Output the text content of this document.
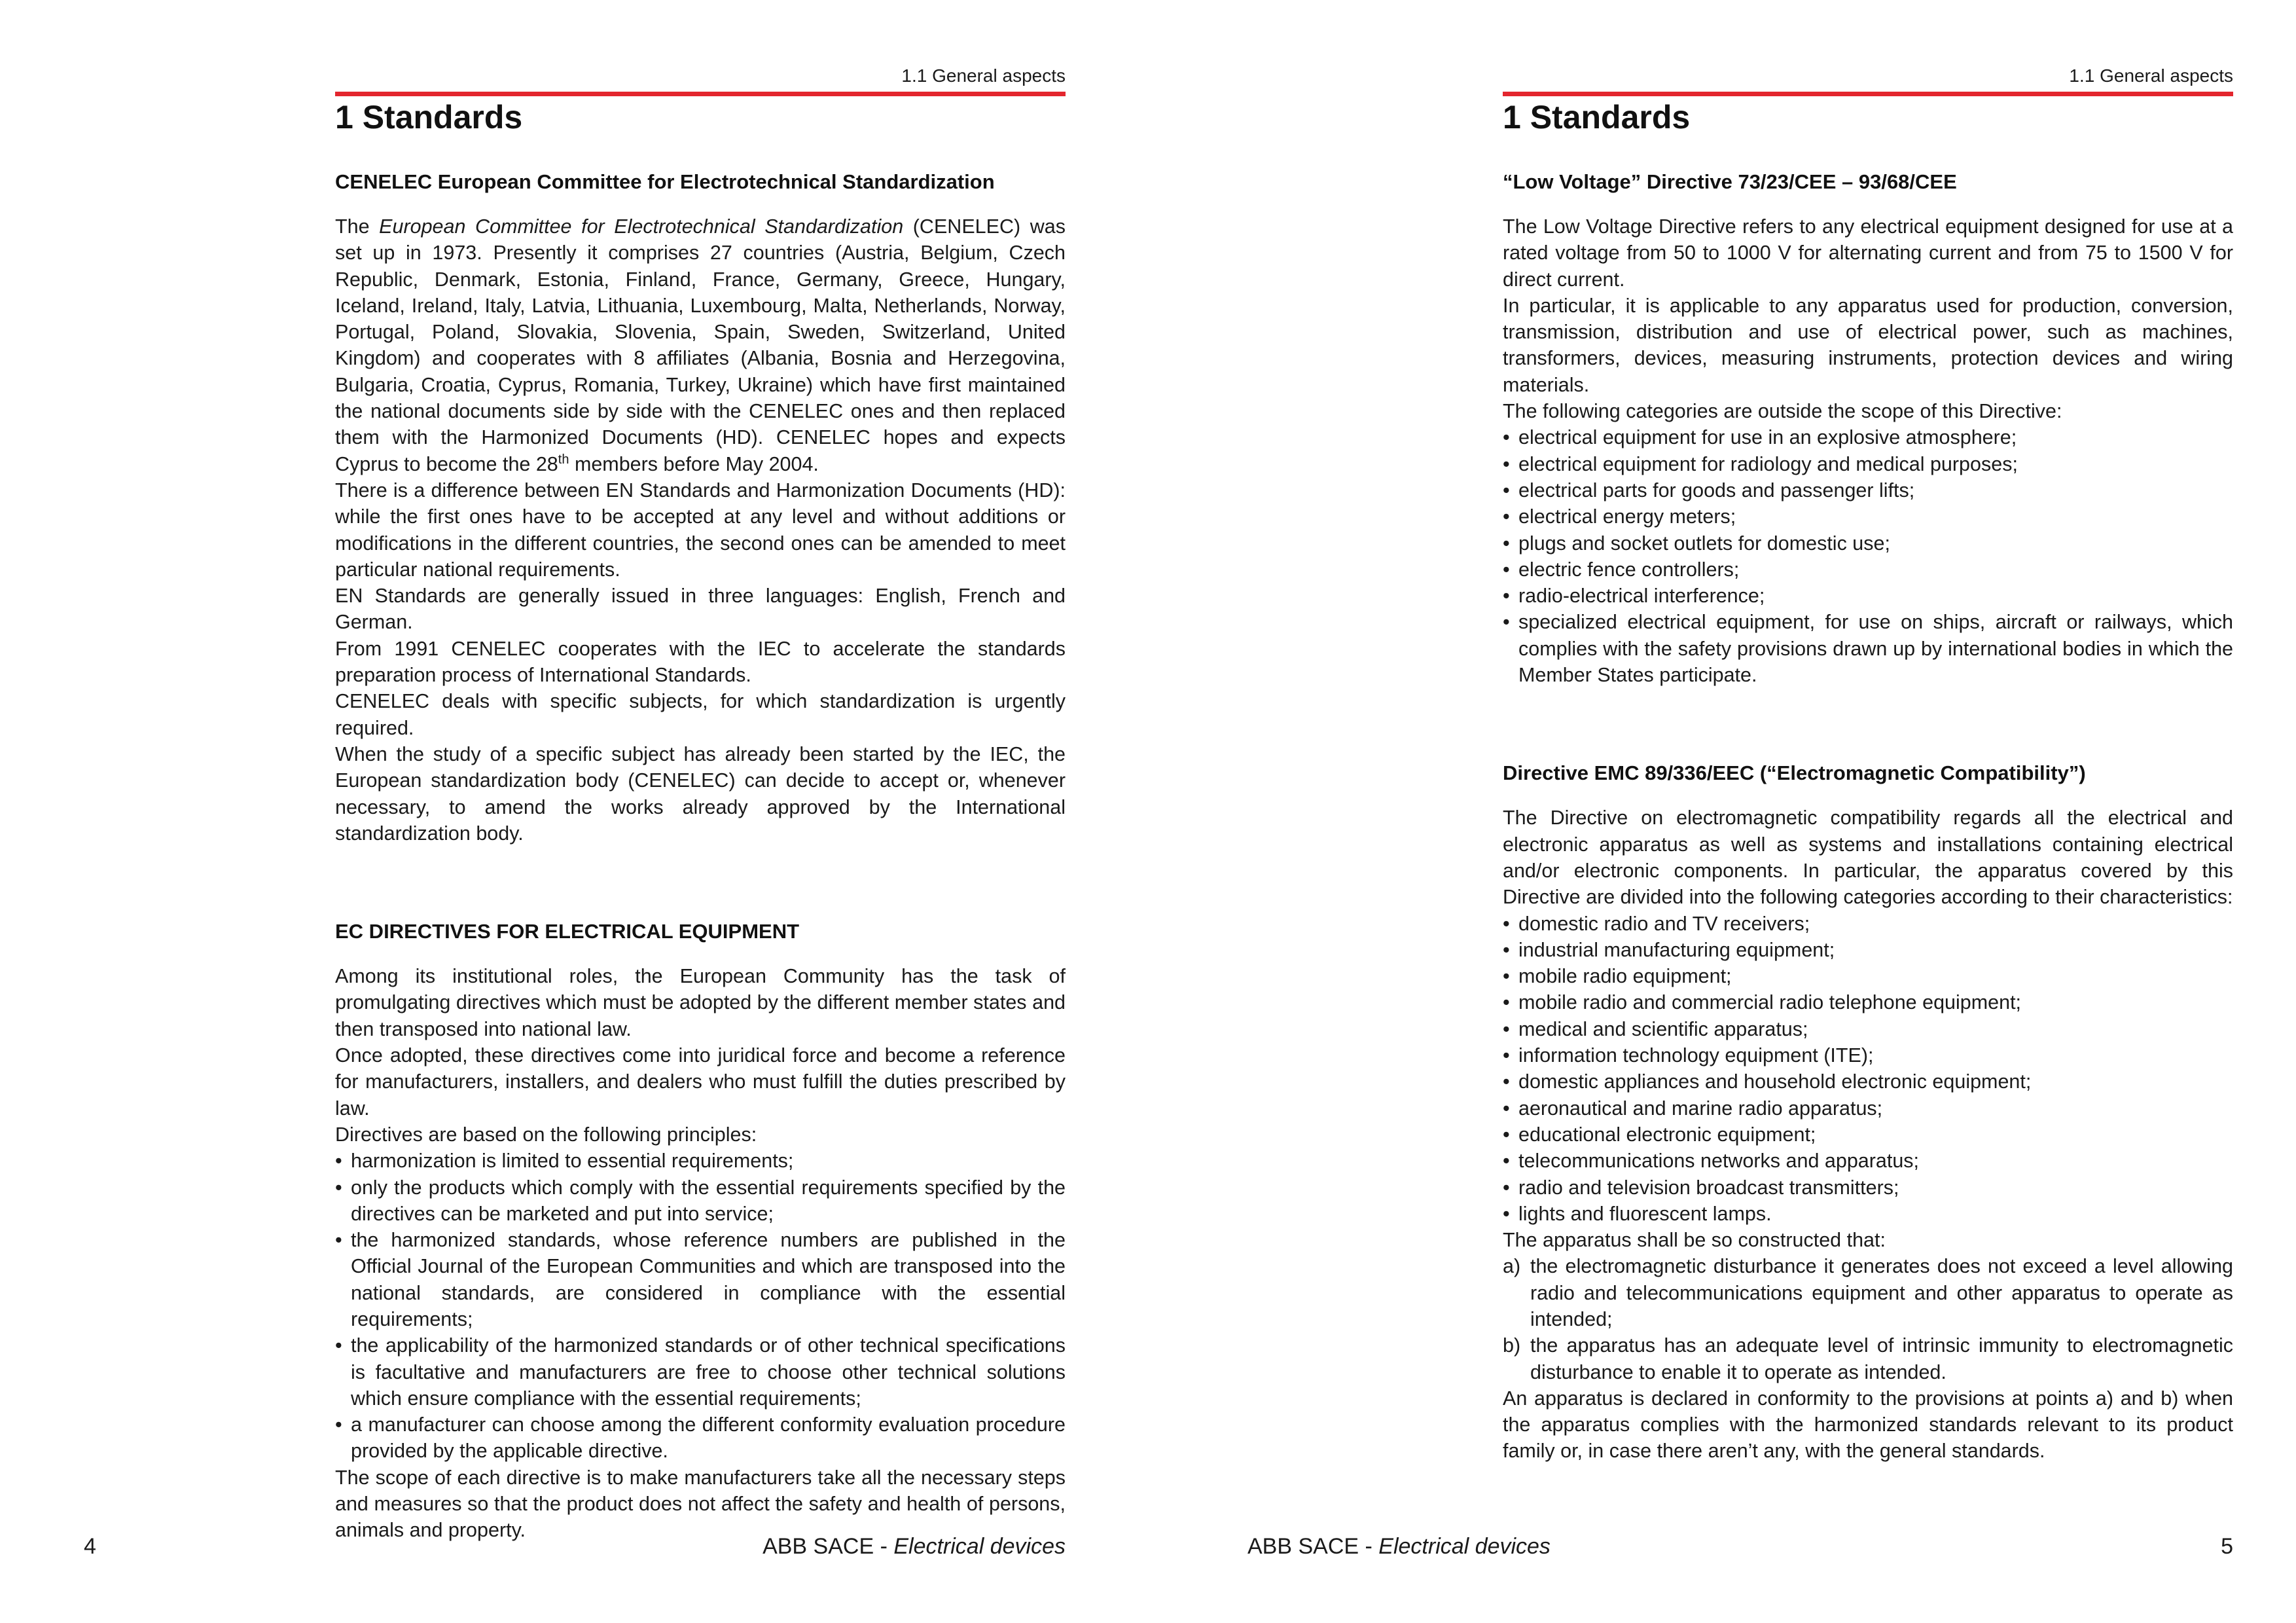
1.1 General aspects
1 Standards
CENELEC European Committee for Electrotechnical Standardization

The European Committee for Electrotechnical Standardization (CENELEC) was set up in 1973. Presently it comprises 27 countries (Austria, Belgium, Czech Republic, Denmark, Estonia, Finland, France, Germany, Greece, Hungary, Iceland, Ireland, Italy, Latvia, Lithuania, Luxembourg, Malta, Netherlands, Norway, Portugal, Poland, Slovakia, Slovenia, Spain, Sweden, Switzerland, United Kingdom) and cooperates with 8 affiliates (Albania, Bosnia and Herzegovina, Bulgaria, Croatia, Cyprus, Romania, Turkey, Ukraine) which have first maintained the national documents side by side with the CENELEC ones and then replaced them with the Harmonized Documents (HD). CENELEC hopes and expects Cyprus to become the 28th members before May 2004.

There is a difference between EN Standards and Harmonization Documents (HD): while the first ones have to be accepted at any level and without additions or modifications in the different countries, the second ones can be amended to meet particular national requirements.

EN Standards are generally issued in three languages: English, French and German.

From 1991 CENELEC cooperates with the IEC to accelerate the standards preparation process of International Standards.

CENELEC deals with specific subjects, for which standardization is urgently required.

When the study of a specific subject has already been started by the IEC, the European standardization body (CENELEC) can decide to accept or, whenever necessary, to amend the works already approved by the International standardization body.

EC DIRECTIVES FOR ELECTRICAL EQUIPMENT

Among its institutional roles, the European Community has the task of promulgating directives which must be adopted by the different member states and then transposed into national law.

Once adopted, these directives come into juridical force and become a reference for manufacturers, installers, and dealers who must fulfill the duties prescribed by law.

Directives are based on the following principles:

• harmonization is limited to essential requirements;
• only the products which comply with the essential requirements specified by the directives can be marketed and put into service;
• the harmonized standards, whose reference numbers are published in the Official Journal of the European Communities and which are transposed into the national standards, are considered in compliance with the essential requirements;
• the applicability of the harmonized standards or of other technical specifications is facultative and manufacturers are free to choose other technical solutions which ensure compliance with the essential requirements;
• a manufacturer can choose among the different conformity evaluation procedure provided by the applicable directive.

The scope of each directive is to make manufacturers take all the necessary steps and measures so that the product does not affect the safety and health of persons, animals and property.

ABB SACE - Electrical devices
4
1.1 General aspects
1 Standards
“Low Voltage” Directive 73/23/CEE – 93/68/CEE

The Low Voltage Directive refers to any electrical equipment designed for use at a rated voltage from 50 to 1000 V for alternating current and from 75 to 1500 V for direct current.

In particular, it is applicable to any apparatus used for production, conversion, transmission, distribution and use of electrical power, such as machines, transformers, devices, measuring instruments, protection devices and wiring materials.

The following categories are outside the scope of this Directive:

• electrical equipment for use in an explosive atmosphere;
• electrical equipment for radiology and medical purposes;
• electrical parts for goods and passenger lifts;
• electrical energy meters;
• plugs and socket outlets for domestic use;
• electric fence controllers;
• radio-electrical interference;
• specialized electrical equipment, for use on ships, aircraft or railways, which complies with the safety provisions drawn up by international bodies in which the Member States participate.
Directive EMC 89/336/EEC (“Electromagnetic Compatibility”)

The Directive on electromagnetic compatibility regards all the electrical and electronic apparatus as well as systems and installations containing electrical and/or electronic components. In particular, the apparatus covered by this Directive are divided into the following categories according to their characteristics:

• domestic radio and TV receivers;
• industrial manufacturing equipment;
• mobile radio equipment;
• mobile radio and commercial radio telephone equipment;
• medical and scientific apparatus;
• information technology equipment (ITE);
• domestic appliances and household electronic equipment;
• aeronautical and marine radio apparatus;
• educational electronic equipment;
• telecommunications networks and apparatus;
• radio and television broadcast transmitters;
• lights and fluorescent lamps.

The apparatus shall be so constructed that:

a) the electromagnetic disturbance it generates does not exceed a level allowing radio and telecommunications equipment and other apparatus to operate as intended;
b) the apparatus has an adequate level of intrinsic immunity to electromagnetic disturbance to enable it to operate as intended.

An apparatus is declared in conformity to the provisions at points a) and b) when the apparatus complies with the harmonized standards relevant to its product family or, in case there aren’t any, with the general standards.

ABB SACE - Electrical devices	5
